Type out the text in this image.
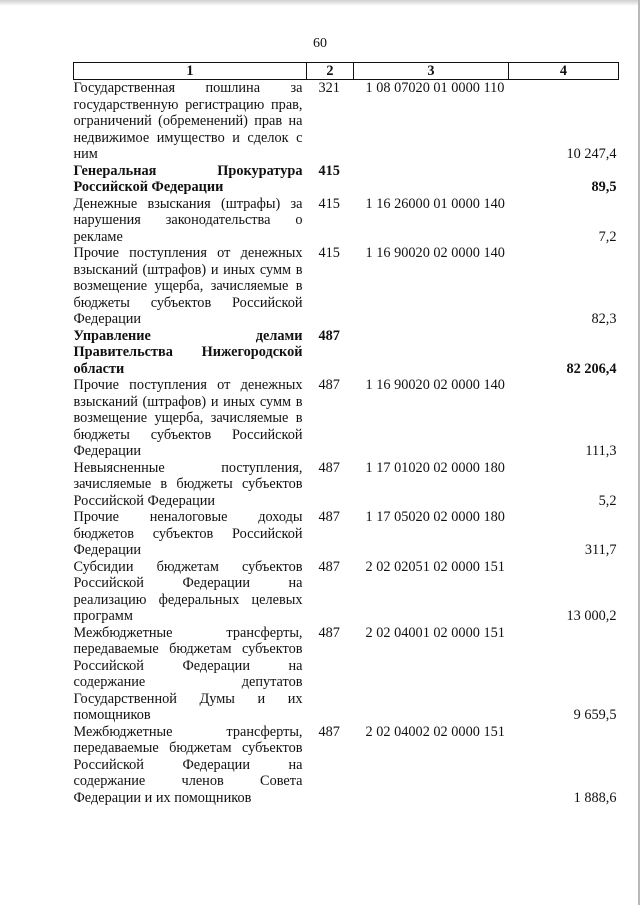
60
1	2	3	4
Государственная пошлина за государственную регистрацию прав, ограничений (обременений) прав на недвижимое имущество и сделок с ним	321	1 08 07020 01 0000 110	10 247,4
Генеральная Прокуратура Российской Федерации	415		89,5
Денежные взыскания (штрафы) за нарушения законодательства о рекламе	415	1 16 26000 01 0000 140	7,2
Прочие поступления от денежных взысканий (штрафов) и иных сумм в возмещение ущерба, зачисляемые в бюджеты субъектов Российской Федерации	415	1 16 90020 02 0000 140	82,3
Управление делами Правительства Нижегородской области	487		82 206,4
Прочие поступления от денежных взысканий (штрафов) и иных сумм в возмещение ущерба, зачисляемые в бюджеты субъектов Российской Федерации	487	1 16 90020 02 0000 140	111,3
Невыясненные поступления, зачисляемые в бюджеты субъектов Российской Федерации	487	1 17 01020 02 0000 180	5,2
Прочие неналоговые доходы бюджетов субъектов Российской Федерации	487	1 17 05020 02 0000 180	311,7
Субсидии бюджетам субъектов Российской Федерации на реализацию федеральных целевых программ	487	2 02 02051 02 0000 151	13 000,2
Межбюджетные трансферты, передаваемые бюджетам субъектов Российской Федерации на содержание депутатов Государственной Думы и их помощников	487	2 02 04001 02 0000 151	9 659,5
Межбюджетные трансферты, передаваемые бюджетам субъектов Российской Федерации на содержание членов Совета Федерации и их помощников	487	2 02 04002 02 0000 151	1 888,6
